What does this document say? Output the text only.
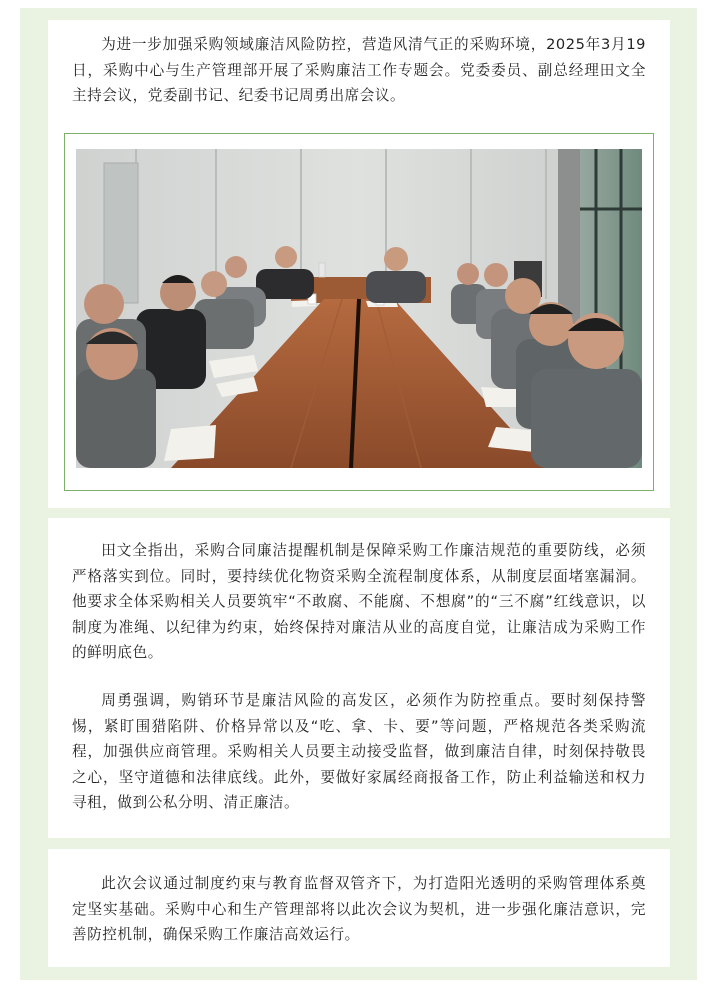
为进一步加强采购领域廉洁风险防控，营造风清气正的采购环境，2025年3月19日，采购中心与生产管理部开展了采购廉洁工作专题会。党委委员、副总经理田文全主持会议，党委副书记、纪委书记周勇出席会议。

田文全指出，采购合同廉洁提醒机制是保障采购工作廉洁规范的重要防线，必须严格落实到位。同时，要持续优化物资采购全流程制度体系，从制度层面堵塞漏洞。他要求全体采购相关人员要筑牢“不敢腐、不能腐、不想腐”的“三不腐”红线意识，以制度为准绳、以纪律为约束，始终保持对廉洁从业的高度自觉，让廉洁成为采购工作的鲜明底色。

周勇强调，购销环节是廉洁风险的高发区，必须作为防控重点。要时刻保持警惕，紧盯围猎陷阱、价格异常以及“吃、拿、卡、要”等问题，严格规范各类采购流程，加强供应商管理。采购相关人员要主动接受监督，做到廉洁自律，时刻保持敬畏之心，坚守道德和法律底线。此外，要做好家属经商报备工作，防止利益输送和权力寻租，做到公私分明、清正廉洁。

此次会议通过制度约束与教育监督双管齐下，为打造阳光透明的采购管理体系奠定坚实基础。采购中心和生产管理部将以此次会议为契机，进一步强化廉洁意识，完善防控机制，确保采购工作廉洁高效运行。
